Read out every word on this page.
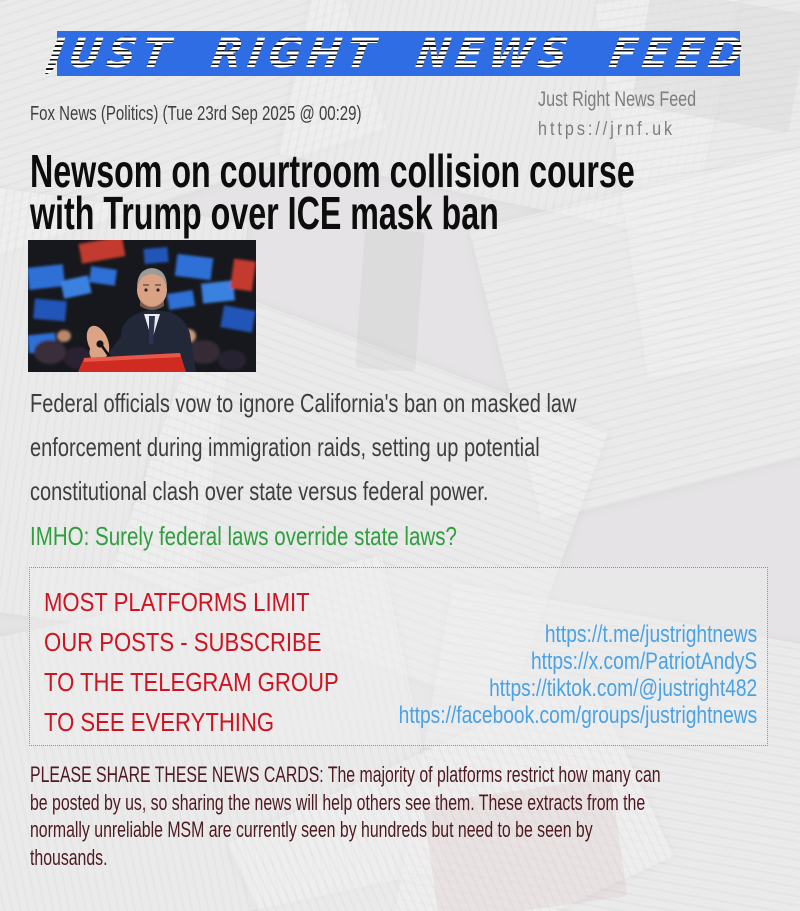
JUST RIGHT NEWS FEED
Fox News (Politics) (Tue 23rd Sep 2025 @ 00:29)
Just Right News Feed
https://jrnf.uk
Newsom on courtroom collision course
with Trump over ICE mask ban
Federal officials vow to ignore California's ban on masked law
enforcement during immigration raids, setting up potential
constitutional clash over state versus federal power.
IMHO: Surely federal laws override state laws?
MOST PLATFORMS LIMIT
OUR POSTS - SUBSCRIBE
TO THE TELEGRAM GROUP
TO SEE EVERYTHING
https://t.me/justrightnews
https://x.com/PatriotAndyS
https://tiktok.com/@justright482
https://facebook.com/groups/justrightnews
PLEASE SHARE THESE NEWS CARDS: The majority of platforms restrict how many can
be posted by us, so sharing the news will help others see them. These extracts from the
normally unreliable MSM are currently seen by hundreds but need to be seen by
thousands.
